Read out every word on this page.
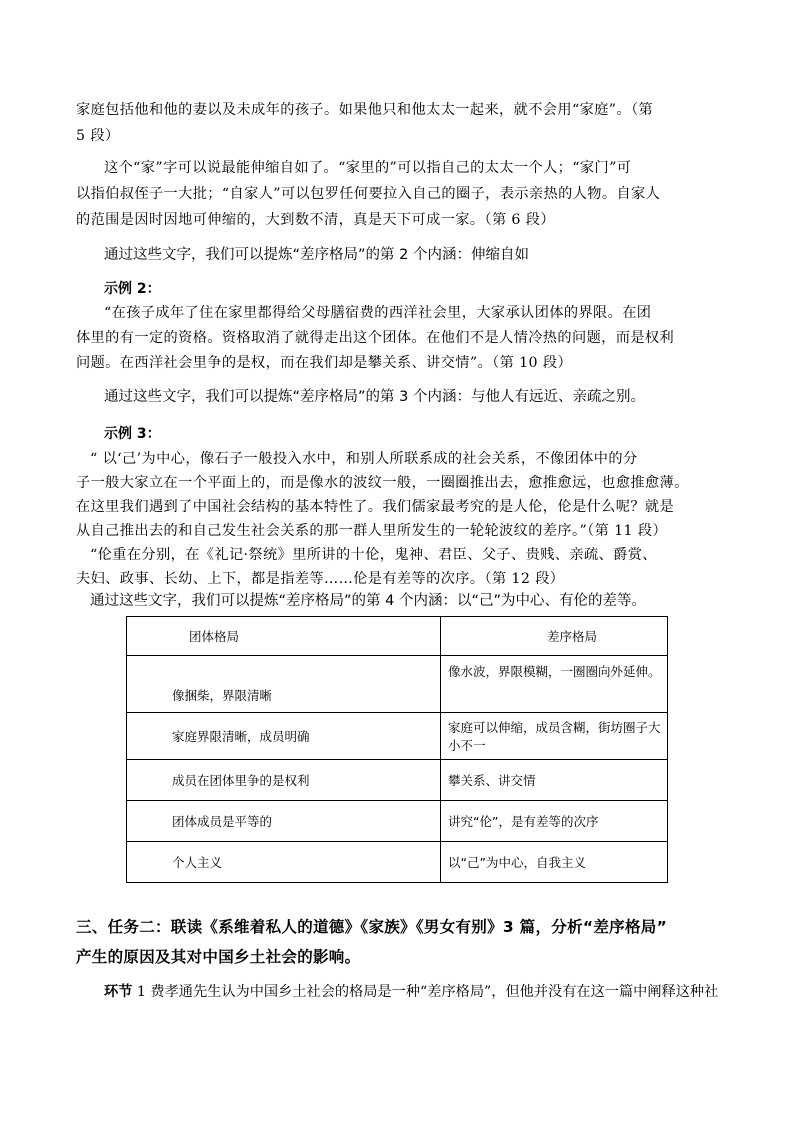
家庭包括他和他的妻以及未成年的孩子。如果他只和他太太一起来，就不会用“家庭”。（第
5 段）
这个“家”字可以说最能伸缩自如了。“家里的”可以指自己的太太一个人；“家门”可
以指伯叔侄子一大批；“自家人”可以包罗任何要拉入自己的圈子，表示亲热的人物。自家人
的范围是因时因地可伸缩的，大到数不清，真是天下可成一家。（第 6 段）
通过这些文字，我们可以提炼“差序格局”的第 2 个内涵：伸缩自如
示例 2：
“在孩子成年了住在家里都得给父母膳宿费的西洋社会里，大家承认团体的界限。在团
体里的有一定的资格。资格取消了就得走出这个团体。在他们不是人情冷热的问题，而是权利
问题。在西洋社会里争的是权，而在我们却是攀关系、讲交情”。（第 10 段）
通过这些文字，我们可以提炼“差序格局”的第 3 个内涵：与他人有远近、亲疏之别。
示例 3：
“ 以‘己’为中心，像石子一般投入水中，和别人所联系成的社会关系，不像团体中的分
子一般大家立在一个平面上的，而是像水的波纹一般，一圈圈推出去，愈推愈远，也愈推愈薄。
在这里我们遇到了中国社会结构的基本特性了。我们儒家最考究的是人伦，伦是什么呢？就是
从自己推出去的和自己发生社会关系的那一群人里所发生的一轮轮波纹的差序。”（第 11 段）
“伦重在分别，在《礼记·祭统》里所讲的十伦，鬼神、君臣、父子、贵贱、亲疏、爵赏、
夫妇、政事、长幼、上下，都是指差等……伦是有差等的次序。（第 12 段）
通过这些文字，我们可以提炼“差序格局”的第 4 个内涵：以“己”为中心、有伦的差等。
团体格局	差序格局
像捆柴，界限清晰	像水波，界限模糊，一圈圈向外延伸。
家庭界限清晰，成员明确	家庭可以伸缩，成员含糊，街坊圈子大小不一
成员在团体里争的是权利	攀关系、讲交情
团体成员是平等的	讲究“伦”，是有差等的次序
个人主义	以“己”为中心，自我主义
三、任务二：联读《系维着私人的道德》《家族》《男女有别》3 篇，分析“差序格局”
产生的原因及其对中国乡土社会的影响。
环节 1 费孝通先生认为中国乡土社会的格局是一种“差序格局”，但他并没有在这一篇中阐释这种社
